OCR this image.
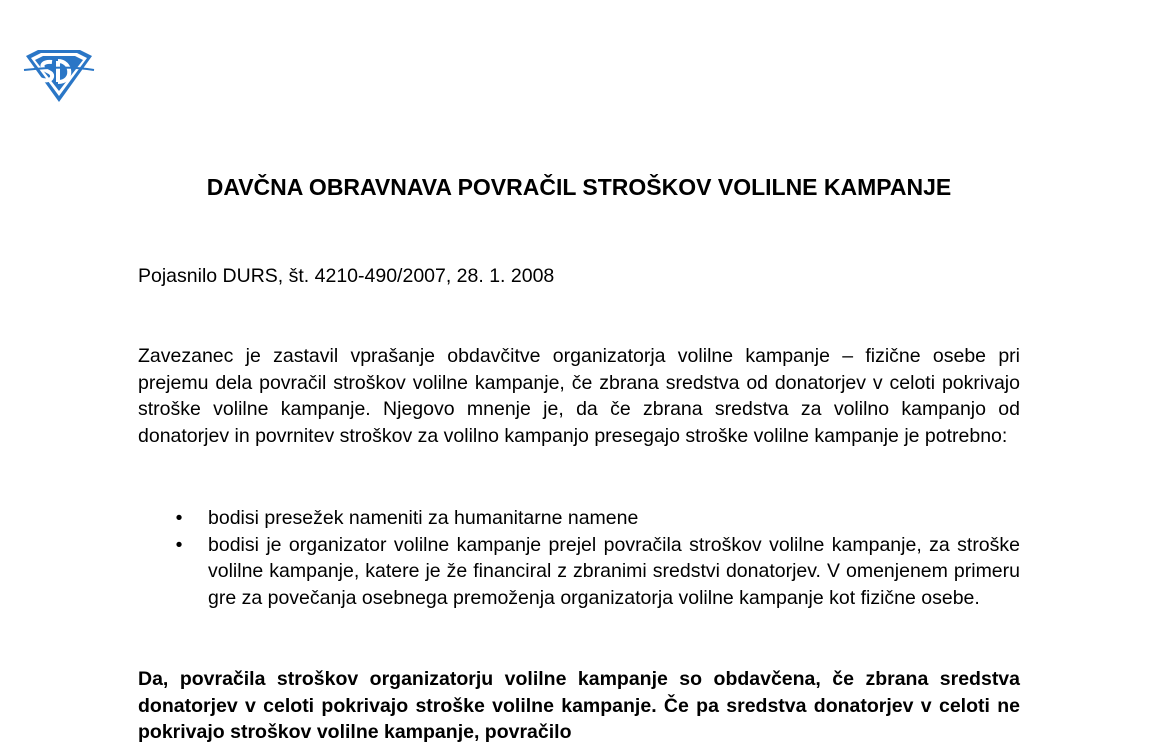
DAVČNA OBRAVNAVA POVRAČIL STROŠKOV VOLILNE KAMPANJE
Pojasnilo DURS, št. 4210-490/2007, 28. 1. 2008

Zavezanec je zastavil vprašanje obdavčitve organizatorja volilne kampanje – fizične osebe pri prejemu dela povračil stroškov volilne kampanje, če zbrana sredstva od donatorjev v celoti pokrivajo stroške volilne kampanje. Njegovo mnenje je, da če zbrana sredstva za volilno kampanjo od donatorjev in povrnitev stroškov za volilno kampanjo presegajo stroške volilne kampanje je potrebno:

• bodisi presežek nameniti za humanitarne namene
• bodisi je organizator volilne kampanje prejel povračila stroškov volilne kampanje, za stroške volilne kampanje, katere je že financiral z zbranimi sredstvi donatorjev. V omenjenem primeru gre za povečanja osebnega premoženja organizatorja volilne kampanje kot fizične osebe.

Da, povračila stroškov organizatorju volilne kampanje so obdavčena, če zbrana sredstva donatorjev v celoti pokrivajo stroške volilne kampanje. Če pa sredstva donatorjev v celoti ne pokrivajo stroškov volilne kampanje, povračilo
